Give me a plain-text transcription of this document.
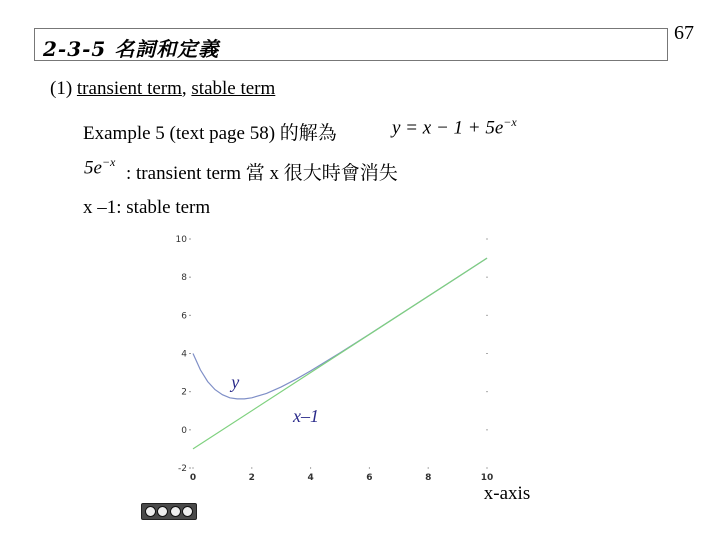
67
2-3-5 名詞和定義
(1) transient term, stable term
Example 5 (text page 58) 的解為	$y = x - 1 + 5e^{-x}$
$5e^{-x}$
: transient term 當 x 很大時會消失
x –1: stable term
-2
0
2
4
6
8
10
0	2	4	6	8	10
y
x–1
x-axis
